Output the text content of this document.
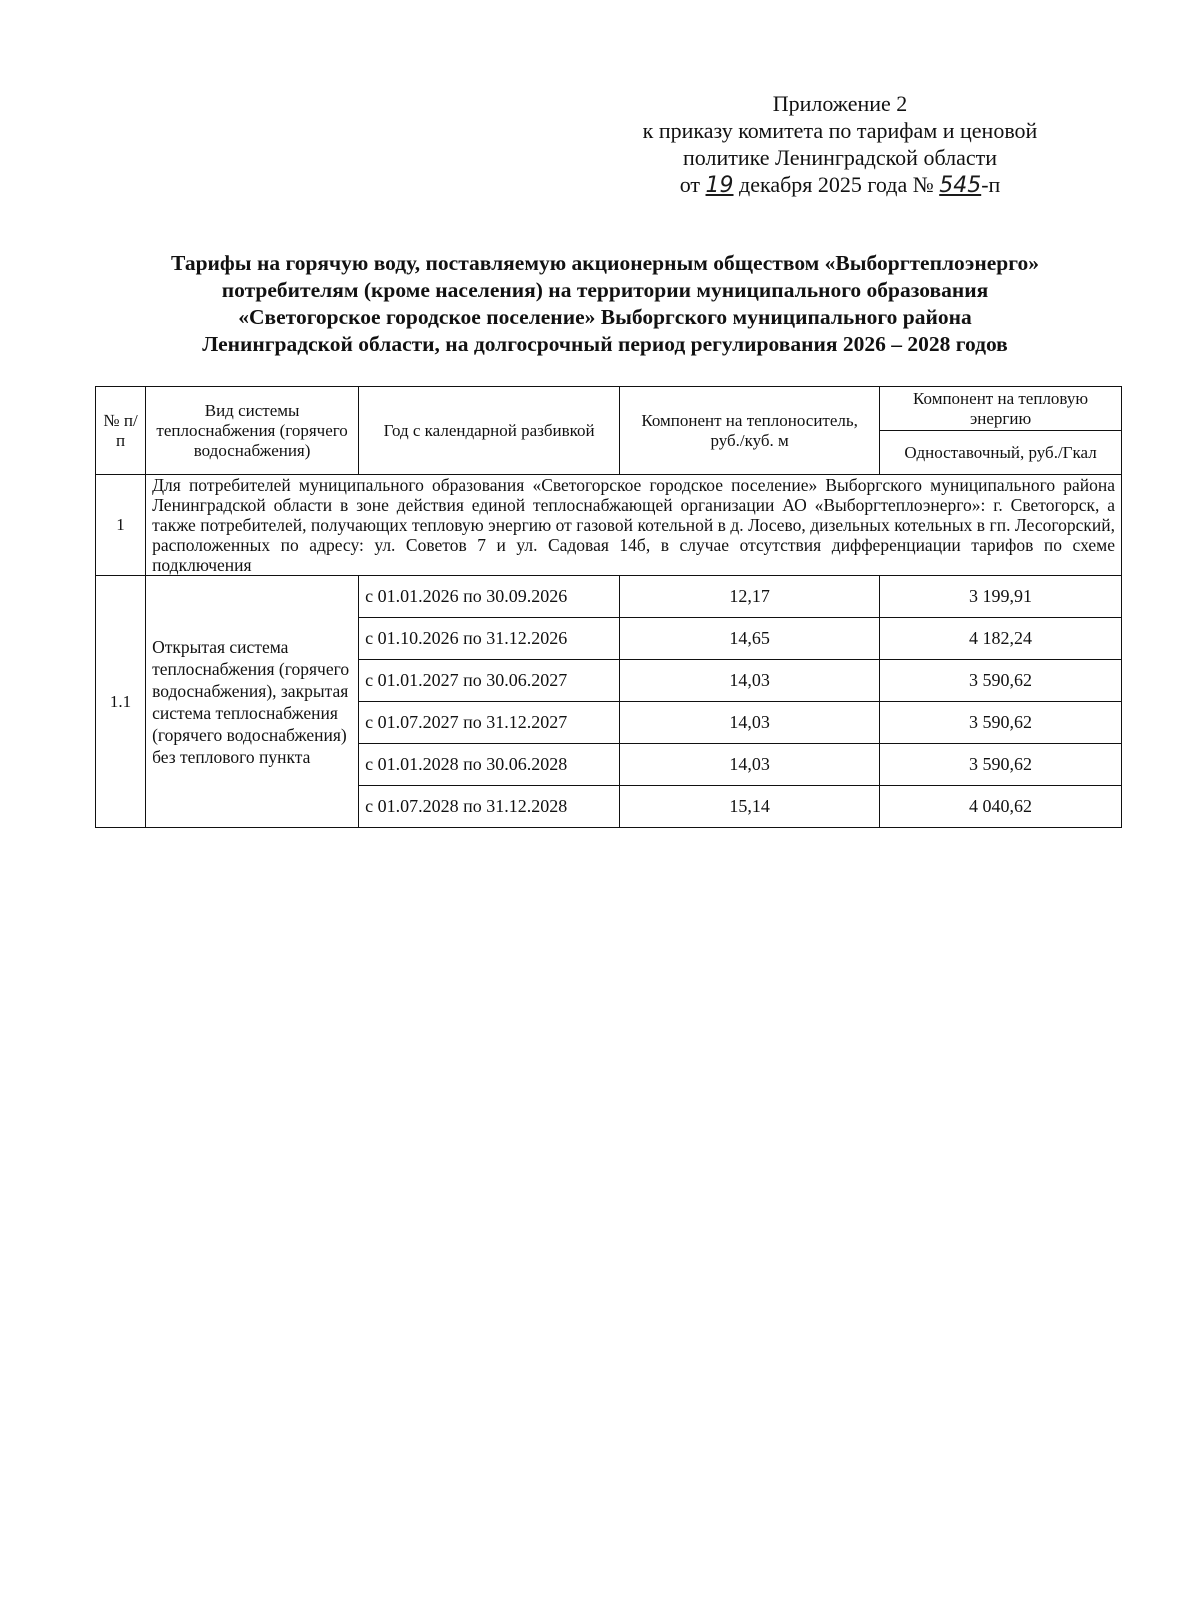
Приложение 2
к приказу комитета по тарифам и ценовой
политике Ленинградской области
от 19 декабря 2025 года № 545-п
Тарифы на горячую воду, поставляемую акционерным обществом «Выборгтеплоэнерго»
потребителям (кроме населения) на территории муниципального образования
«Светогорское городское поселение» Выборгского муниципального района
Ленинградской области, на долгосрочный период регулирования 2026 – 2028 годов
№ п/п	Вид системы теплоснабжения (горячего водоснабжения)	Год с календарной разбивкой	Компонент на теплоноситель, руб./куб. м	Компонент на тепловую энергию
				Одноставочный, руб./Гкал
1	Для потребителей муниципального образования «Светогорское городское поселение» Выборгского муниципального района Ленинградской области в зоне действия единой теплоснабжающей организации АО «Выборгтеплоэнерго»: г. Светогорск, а также потребителей, получающих тепловую энергию от газовой котельной в д. Лосево, дизельных котельных в гп. Лесогорский, расположенных по адресу: ул. Советов 7 и ул. Садовая 14б, в случае отсутствия дифференциации тарифов по схеме подключения			
1.1	Открытая система теплоснабжения (горячего водоснабжения), закрытая система теплоснабжения (горячего водоснабжения) без теплового пункта	с 01.01.2026 по 30.09.2026	12,17	3 199,91
		с 01.10.2026 по 31.12.2026	14,65	4 182,24
		с 01.01.2027 по 30.06.2027	14,03	3 590,62
		с 01.07.2027 по 31.12.2027	14,03	3 590,62
		с 01.01.2028 по 30.06.2028	14,03	3 590,62
		с 01.07.2028 по 31.12.2028	15,14	4 040,62
